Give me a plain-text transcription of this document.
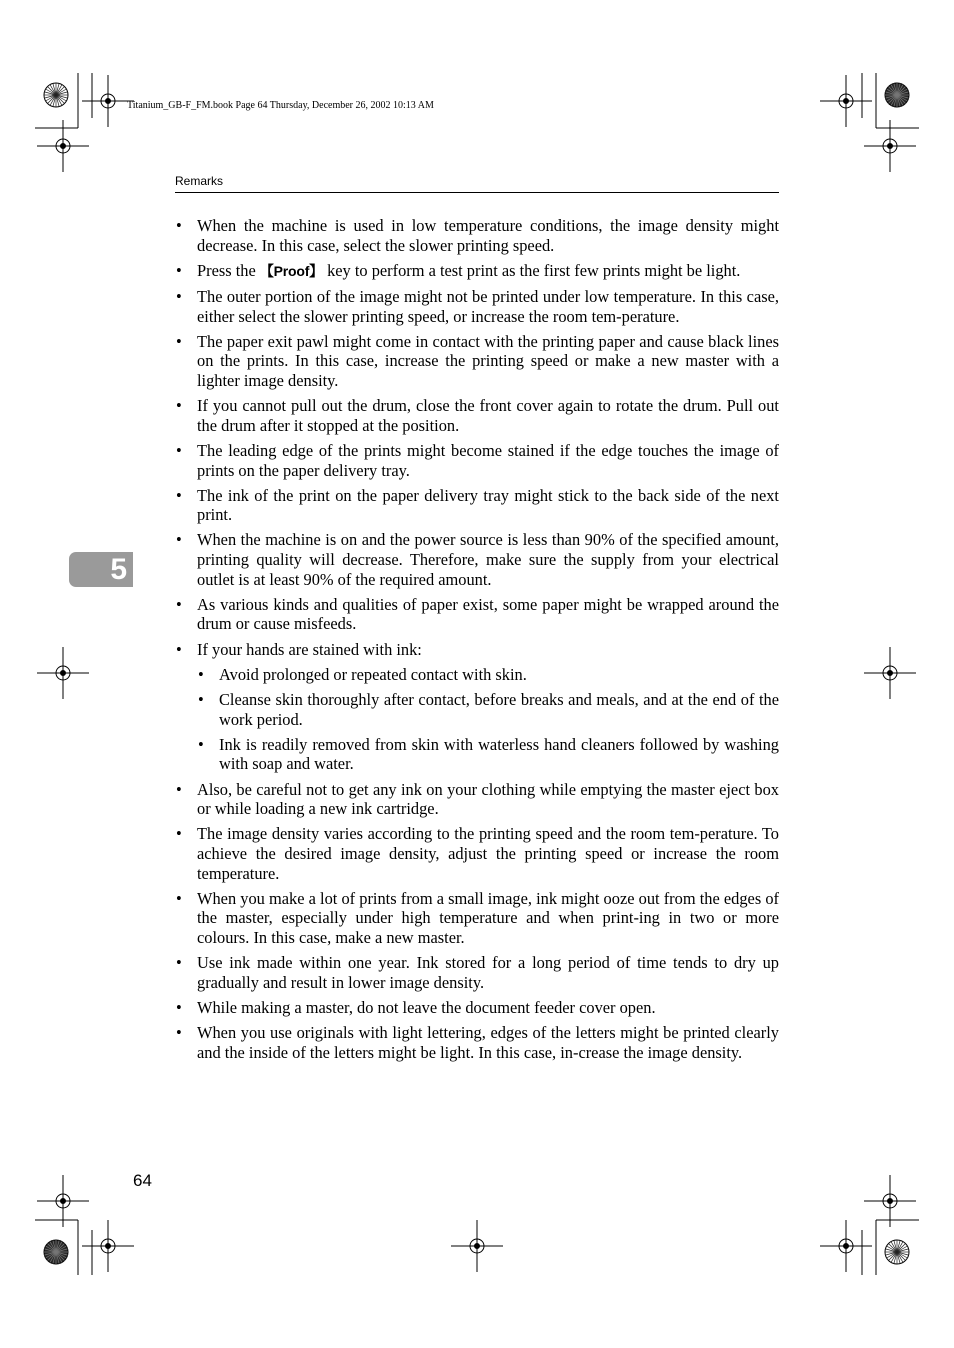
Titanium_GB-F_FM.book Page 64 Thursday, December 26, 2002 10:13 AM
Remarks
5
• When the machine is used in low temperature conditions, the image density might decrease. In this case, select the slower printing speed.
• Press the 【Proof】 key to perform a test print as the first few prints might be light.
• The outer portion of the image might not be printed under low temperature. In this case, either select the slower printing speed, or increase the room tem-perature.
• The paper exit pawl might come in contact with the printing paper and cause black lines on the prints. In this case, increase the printing speed or make a new master with a lighter image density.
• If you cannot pull out the drum, close the front cover again to rotate the drum. Pull out the drum after it stopped at the position.
• The leading edge of the prints might become stained if the edge touches the image of prints on the paper delivery tray.
• The ink of the print on the paper delivery tray might stick to the back side of the next print.
• When the machine is on and the power source is less than 90% of the specified amount, printing quality will decrease. Therefore, make sure the supply from your electrical outlet is at least 90% of the required amount.
• As various kinds and qualities of paper exist, some paper might be wrapped around the drum or cause misfeeds.
• If your hands are stained with ink:
• Avoid prolonged or repeated contact with skin.
• Cleanse skin thoroughly after contact, before breaks and meals, and at the end of the work period.
• Ink is readily removed from skin with waterless hand cleaners followed by washing with soap and water.
• Also, be careful not to get any ink on your clothing while emptying the master eject box or while loading a new ink cartridge.
• The image density varies according to the printing speed and the room tem-perature. To achieve the desired image density, adjust the printing speed or increase the room temperature.
• When you make a lot of prints from a small image, ink might ooze out from the edges of the master, especially under high temperature and when print-ing in two or more colours. In this case, make a new master.
• Use ink made within one year. Ink stored for a long period of time tends to dry up gradually and result in lower image density.
• While making a master, do not leave the document feeder cover open.
• When you use originals with light lettering, edges of the letters might be printed clearly and the inside of the letters might be light. In this case, in-crease the image density.
64
